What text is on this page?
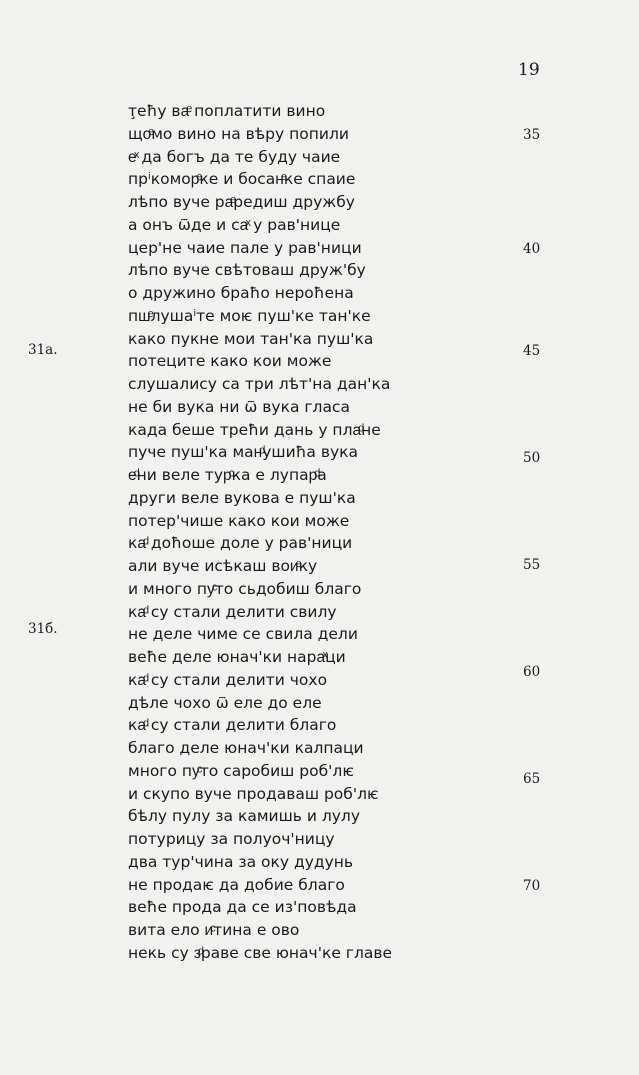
19
т̧еħу ваͤ поплатити вино
щоͤмо вино на вѣру попили
еͯ да богъ да те буду чаие
прⁱкоморͤке и босанͤке спаие
лѣпо вуче раͤредиш дружбу
а онъ ѿде и саͯ у рав'нице
цер'не чаие пале у рав'ници
лѣпо вуче свѣтоваш друж'бу
о дружино браħо нероħена
пшͤлушаⁱте моѥ пуш'ке тан'ке
како пукне мои тан'ка пуш'ка
потеците како кои може
слушалису са три лѣт'на дан'ка
не би вука ни ѿ вука гласа
када беше треħи дань у плаͩне
пуче пуш'ка манͩушиħа вука
еͩни веле турͨка е лупарͩа
други веле вукова е пуш'ка
потер'чише како кои може
каͩ доħоше доле у рав'ници
али вуче исѣкаш воиͤку
и много пуͨто сьдобиш благо
каͩ су стали делити свилу
не деле чиме се свила дели
веħе деле юнач'ки нараͯци
каͩ су стали делити чохо
дѣле чохо ѿ еле до еле
каͩ су стали делити благо
благо деле юнач'ки калпаци
много пуͨто саробиш роб'лѥ
и скупо вуче продаваш роб'лѥ
бѣлу пулу за камишь и лулу
потурицу за полуоч'ницу
два тур'чина за оку дудунь
не продаѥ да добие благо
веħе прода да се из'повѣда
вита ело иͨтина е ово
некь су зͩраве све юнач'ке главе
35
40
45
50
55
60
65
70
31a.
31б.
